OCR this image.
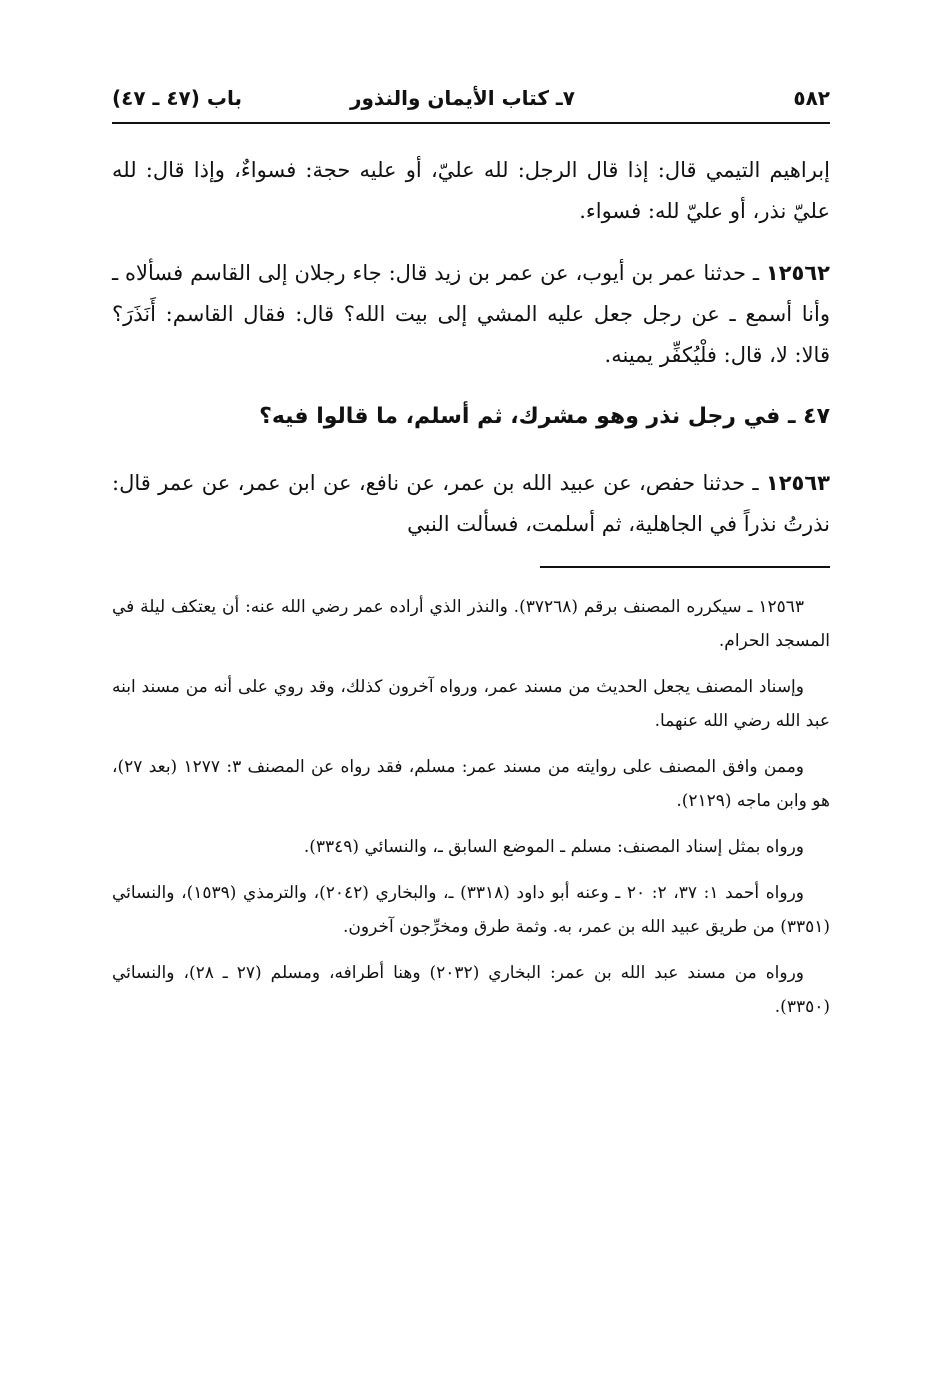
٥٨٢
٧ـ كتاب الأيمان والنذور
باب (٤٧ ـ ٤٧)

إبراهيم التيمي قال: إذا قال الرجل: لله عليّ، أو عليه حجة: فسواءٌ، وإذا قال: لله عليّ نذر، أو عليّ لله: فسواء.

١٢٥٦٢ ـ حدثنا عمر بن أيوب، عن عمر بن زيد قال: جاء رجلان إلى القاسم فسألاه ـ وأنا أسمع ـ عن رجل جعل عليه المشي إلى بيت الله؟ قال: فقال القاسم: أَنَذَرَ؟ قالا: لا، قال: فلْيُكفِّر يمينه.

٤٧ ـ في رجل نذر وهو مشرك، ثم أسلم، ما قالوا فيه؟

١٢٥٦٣ ـ حدثنا حفص، عن عبيد الله بن عمر، عن نافع، عن ابن عمر، عن عمر قال: نذرتُ نذراً في الجاهلية، ثم أسلمت، فسألت النبي

١٢٥٦٣ ـ سيكرره المصنف برقم (٣٧٢٦٨). والنذر الذي أراده عمر رضي الله عنه: أن يعتكف ليلة في المسجد الحرام.

وإسناد المصنف يجعل الحديث من مسند عمر، ورواه آخرون كذلك، وقد روي على أنه من مسند ابنه عبد الله رضي الله عنهما.

وممن وافق المصنف على روايته من مسند عمر: مسلم، فقد رواه عن المصنف ٣: ١٢٧٧ (بعد ٢٧)، هو وابن ماجه (٢١٢٩).

ورواه بمثل إسناد المصنف: مسلم ـ الموضع السابق ـ، والنسائي (٣٣٤٩).

ورواه أحمد ١: ٣٧، ٢: ٢٠ ـ وعنه أبو داود (٣٣١٨) ـ، والبخاري (٢٠٤٢)، والترمذي (١٥٣٩)، والنسائي (٣٣٥١) من طريق عبيد الله بن عمر، به. وثمة طرق ومخرِّجون آخرون.

ورواه من مسند عبد الله بن عمر: البخاري (٢٠٣٢) وهنا أطرافه، ومسلم (٢٧ ـ ٢٨)، والنسائي (٣٣٥٠).
